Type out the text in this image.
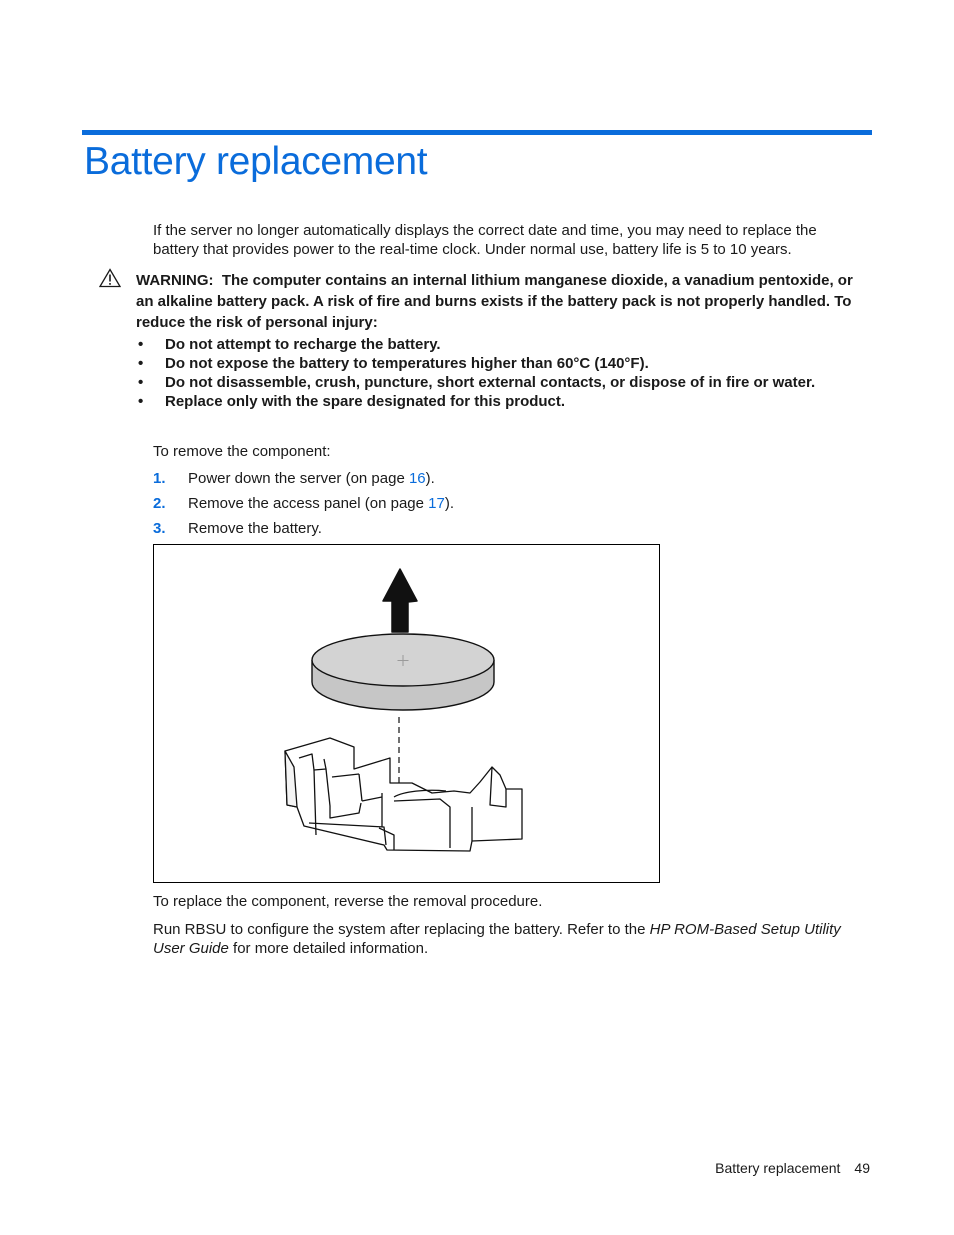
Battery replacement

If the server no longer automatically displays the correct date and time, you may need to replace the battery that provides power to the real-time clock. Under normal use, battery life is 5 to 10 years.

WARNING: The computer contains an internal lithium manganese dioxide, a vanadium pentoxide, or an alkaline battery pack. A risk of fire and burns exists if the battery pack is not properly handled. To reduce the risk of personal injury:

• Do not attempt to recharge the battery.
• Do not expose the battery to temperatures higher than 60°C (140°F).
• Do not disassemble, crush, puncture, short external contacts, or dispose of in fire or water.
• Replace only with the spare designated for this product.

To remove the component:

1. Power down the server (on page 16).
2. Remove the access panel (on page 17).
3. Remove the battery.

To replace the component, reverse the removal procedure.

Run RBSU to configure the system after replacing the battery. Refer to the HP ROM-Based Setup Utility User Guide for more detailed information.

Battery replacement 49
